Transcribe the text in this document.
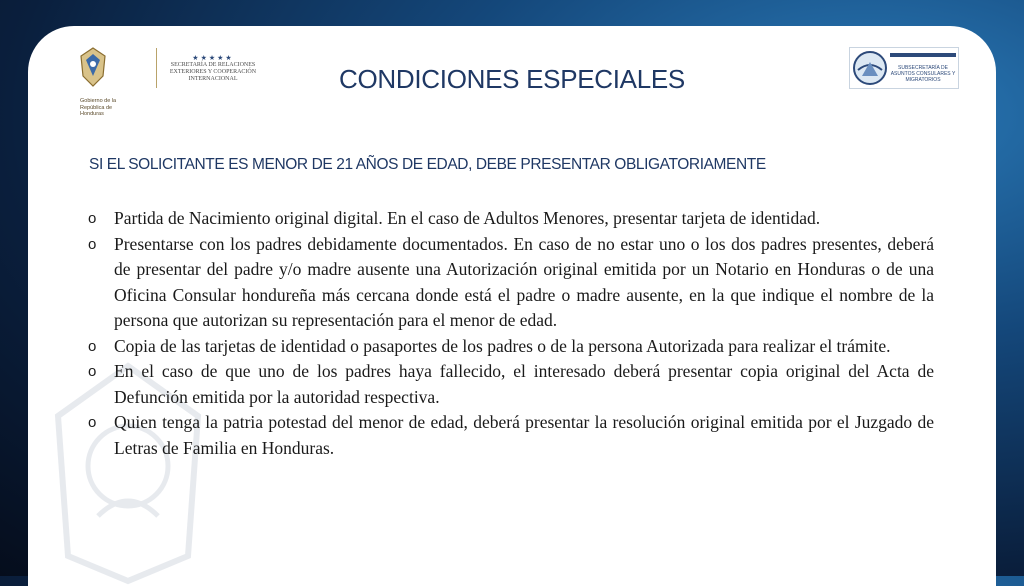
Gobierno de la República de Honduras
★★★★★
SECRETARÍA DE RELACIONES EXTERIORES Y COOPERACIÓN INTERNACIONAL
SUBSECRETARÍA DE ASUNTOS CONSULARES Y MIGRATORIOS
CONDICIONES ESPECIALES
SI EL SOLICITANTE ES MENOR DE 21 AÑOS DE EDAD, DEBE PRESENTAR OBLIGATORIAMENTE
o Partida de Nacimiento original digital. En el caso de Adultos Menores, presentar tarjeta de identidad.
o Presentarse con los padres debidamente documentados. En caso de no estar uno o los dos padres presentes, deberá de presentar del padre y/o madre ausente una Autorización original emitida por un Notario en Honduras o de una Oficina Consular hondureña más cercana donde está el padre o madre ausente, en la que indique el nombre de la persona que autorizan su representación para el menor de edad.
o Copia de las tarjetas de identidad o pasaportes de los padres o de la persona Autorizada para realizar el trámite.
o En el caso de que uno de los padres haya fallecido, el interesado deberá presentar copia original del Acta de Defunción emitida por la autoridad respectiva.
o Quien tenga la patria potestad del menor de edad, deberá presentar la resolución original emitida por el Juzgado de Letras de Familia en Honduras.
